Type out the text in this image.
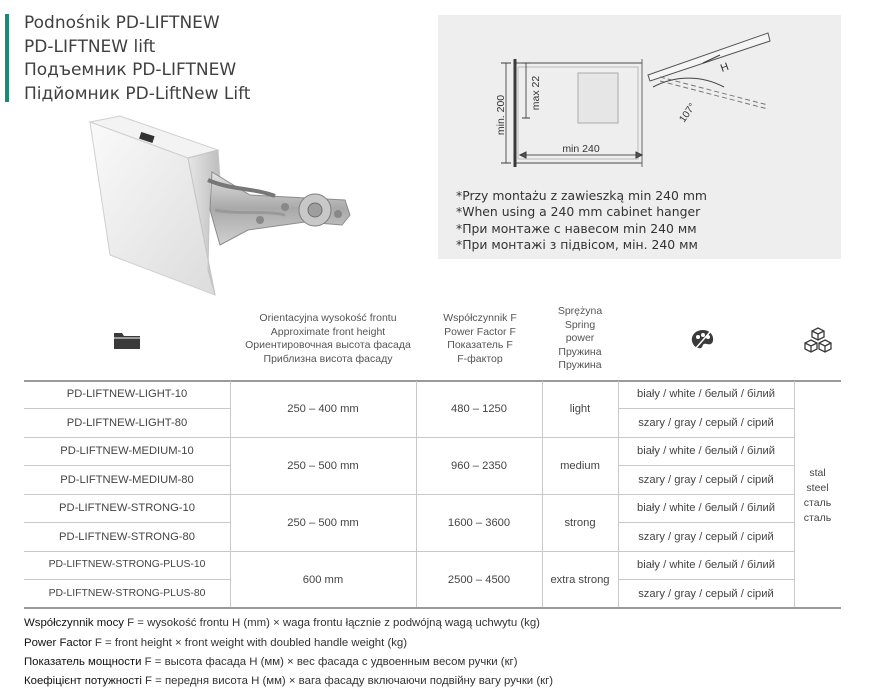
Podnośnik PD-LIFTNEW
PD-LIFTNEW lift
Подъемник PD-LIFTNEW
Підйомник PD-LiftNew Lift
min. 200
max 22
min 240
H
107°
*Przy montażu z zawieszką min 240 mm
*When using a 240 mm cabinet hanger
*При монтаже с навесом min 240 мм
*При монтажі з підвісом, мін. 240 мм
Orientacyjna wysokość frontu
Approximate front height
Ориентировочная высота фасада
Приблизна висота фасаду
Współczynnik F
Power Factor F
Показатель F
F-фактор
Sprężyna
Spring
power
Пружина
Пружина
PD-LIFTNEW-LIGHT-10
PD-LIFTNEW-LIGHT-80
PD-LIFTNEW-MEDIUM-10
PD-LIFTNEW-MEDIUM-80
PD-LIFTNEW-STRONG-10
PD-LIFTNEW-STRONG-80
PD-LIFTNEW-STRONG-PLUS-10
PD-LIFTNEW-STRONG-PLUS-80
250 – 400 mm
250 – 500 mm
250 – 500 mm
600 mm
480 – 1250
960 – 2350
1600 – 3600
2500 – 4500
light
medium
strong
extra strong
biały / white / белый / білий
szary / gray / серый / сірий
biały / white / белый / білий
szary / gray / серый / сірий
biały / white / белый / білий
szary / gray / серый / сірий
biały / white / белый / білий
szary / gray / серый / сірий
stal
steel
сталь
сталь
Współczynnik mocy F = wysokość frontu H (mm) × waga frontu łącznie z podwójną wagą uchwytu (kg)
Power Factor F = front height × front weight with doubled handle weight (kg)
Показатель мощности F = высота фасада H (мм) × вес фасада с удвоенным весом ручки (кг)
Коефіцієнт потужності F = передня висота H (мм) × вага фасаду включаючи подвійну вагу ручки (кг)
